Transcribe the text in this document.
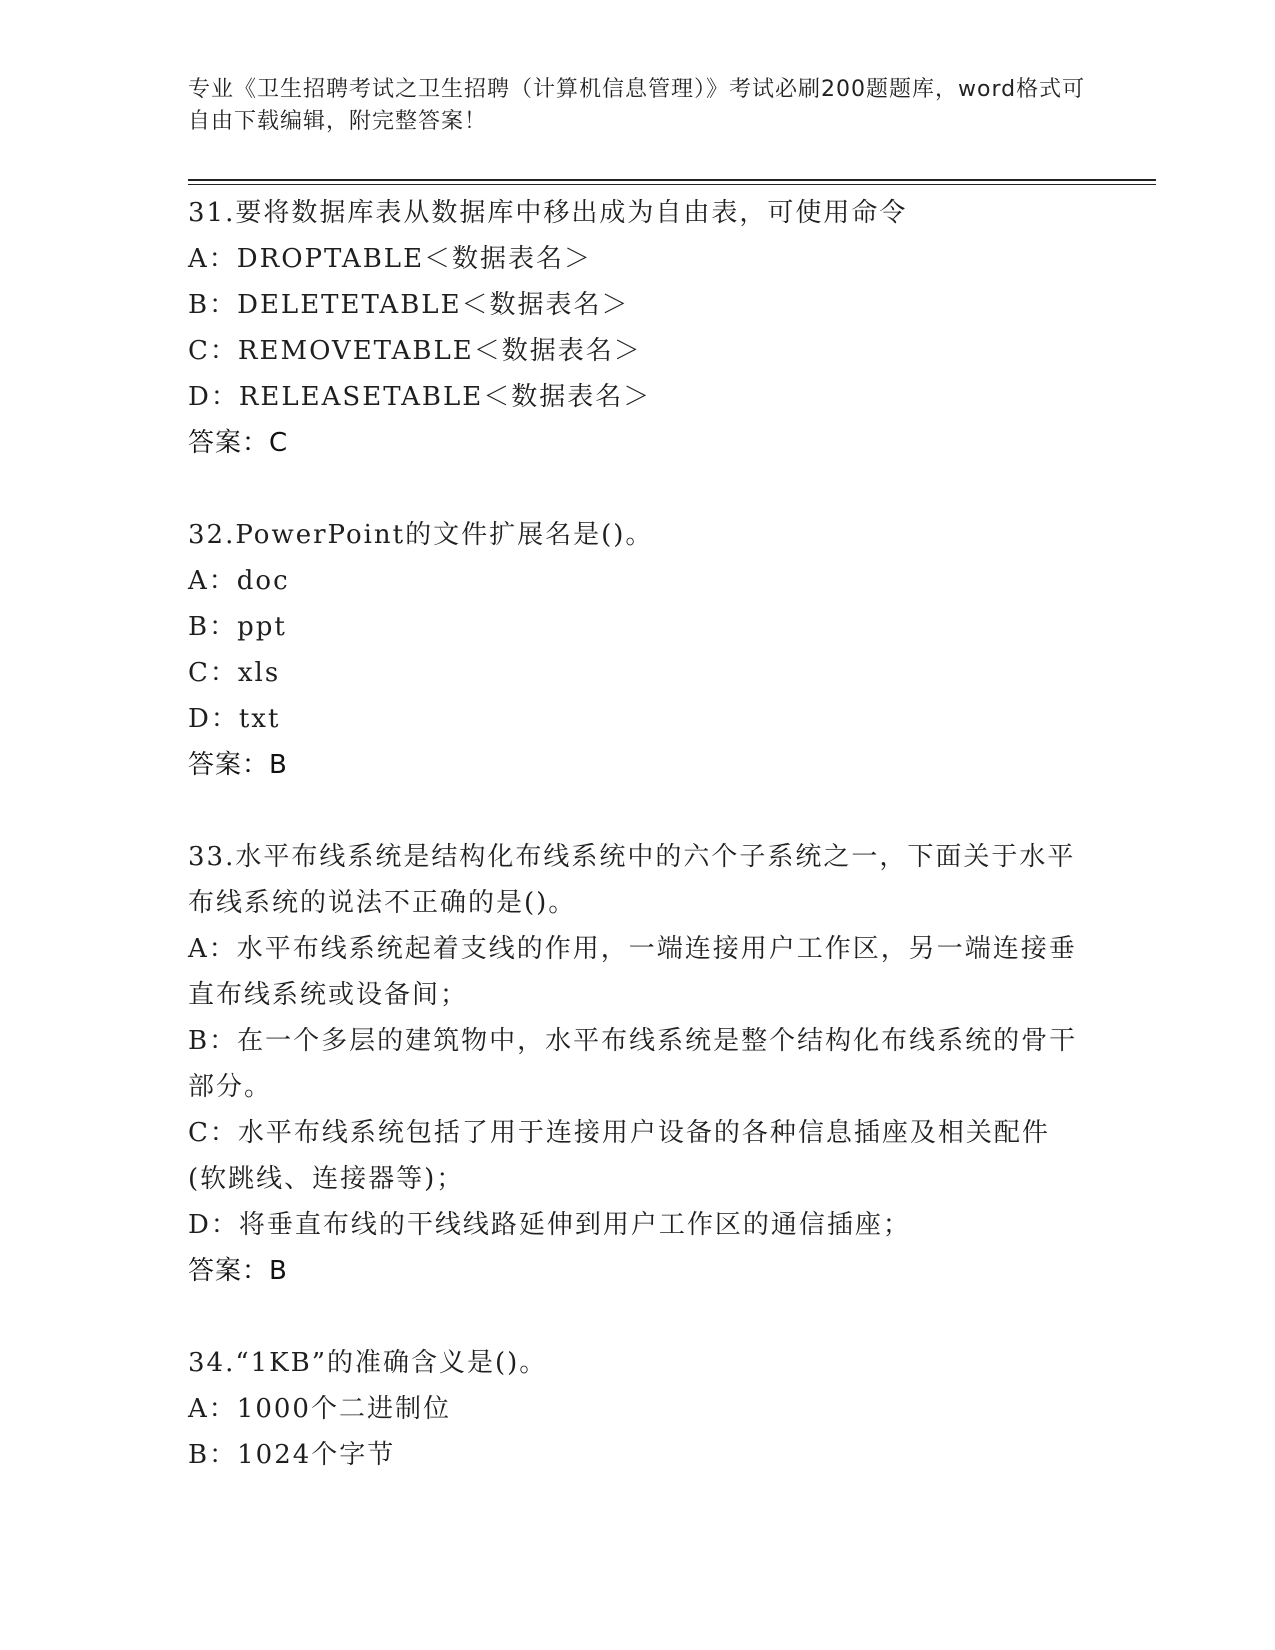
专业《卫生招聘考试之卫生招聘（计算机信息管理）》考试必刷200题题库，word格式可自由下载编辑，附完整答案！
31.要将数据库表从数据库中移出成为自由表，可使用命令
A：DROPTABLE＜数据表名＞
B：DELETETABLE＜数据表名＞
C：REMOVETABLE＜数据表名＞
D：RELEASETABLE＜数据表名＞
答案：C
32.PowerPoint的文件扩展名是()。
A：doc
B：ppt
C：xls
D：txt
答案：B
33.水平布线系统是结构化布线系统中的六个子系统之一，下面关于水平布线系统的说法不正确的是()。
A：水平布线系统起着支线的作用，一端连接用户工作区，另一端连接垂直布线系统或设备间；
B：在一个多层的建筑物中，水平布线系统是整个结构化布线系统的骨干部分。
C：水平布线系统包括了用于连接用户设备的各种信息插座及相关配件(软跳线、连接器等)；
D：将垂直布线的干线线路延伸到用户工作区的通信插座；
答案：B
34.“1KB”的准确含义是()。
A：1000个二进制位
B：1024个字节
